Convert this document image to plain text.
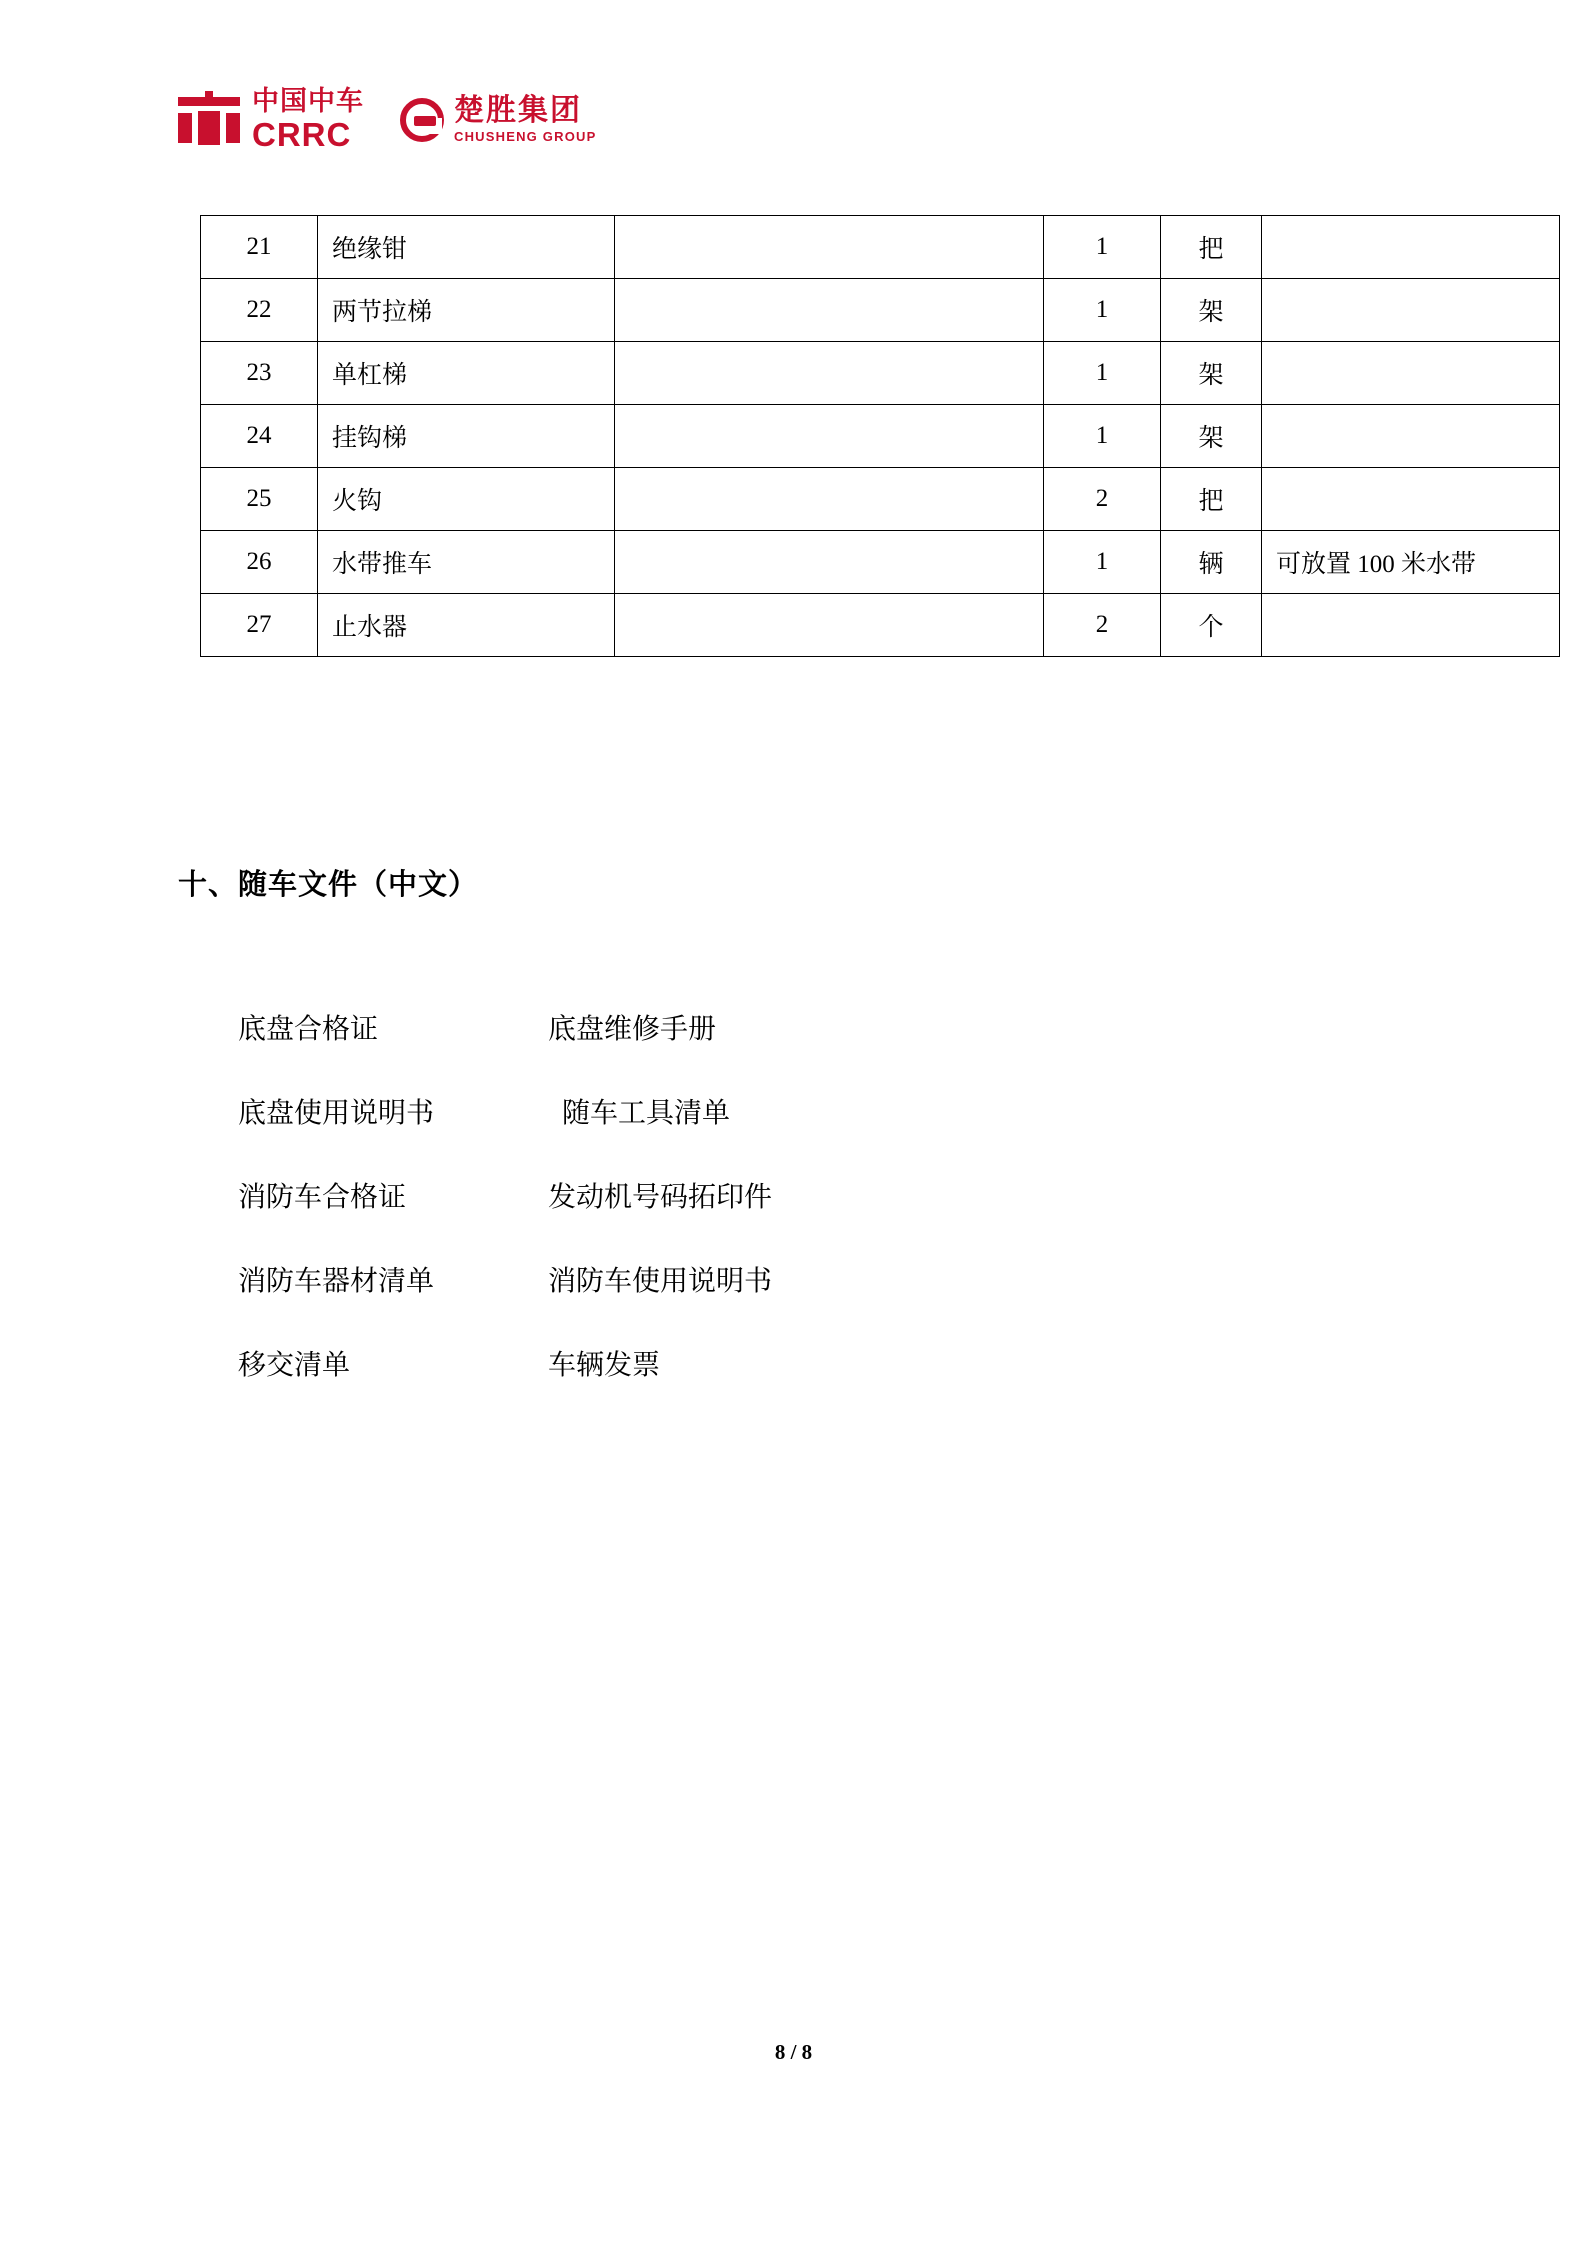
中国中车
CRRC
楚胜集团
CHUSHENG GROUP
21	绝缘钳		1	把	
22	两节拉梯		1	架	
23	单杠梯		1	架	
24	挂钩梯		1	架	
25	火钩		2	把	
26	水带推车		1	辆	可放置 100 米水带
27	止水器		2	个	
十、随车文件（中文）
底盘合格证	底盘维修手册
底盘使用说明书	随车工具清单
消防车合格证	发动机号码拓印件
消防车器材清单	消防车使用说明书
移交清单	车辆发票
8 / 8
